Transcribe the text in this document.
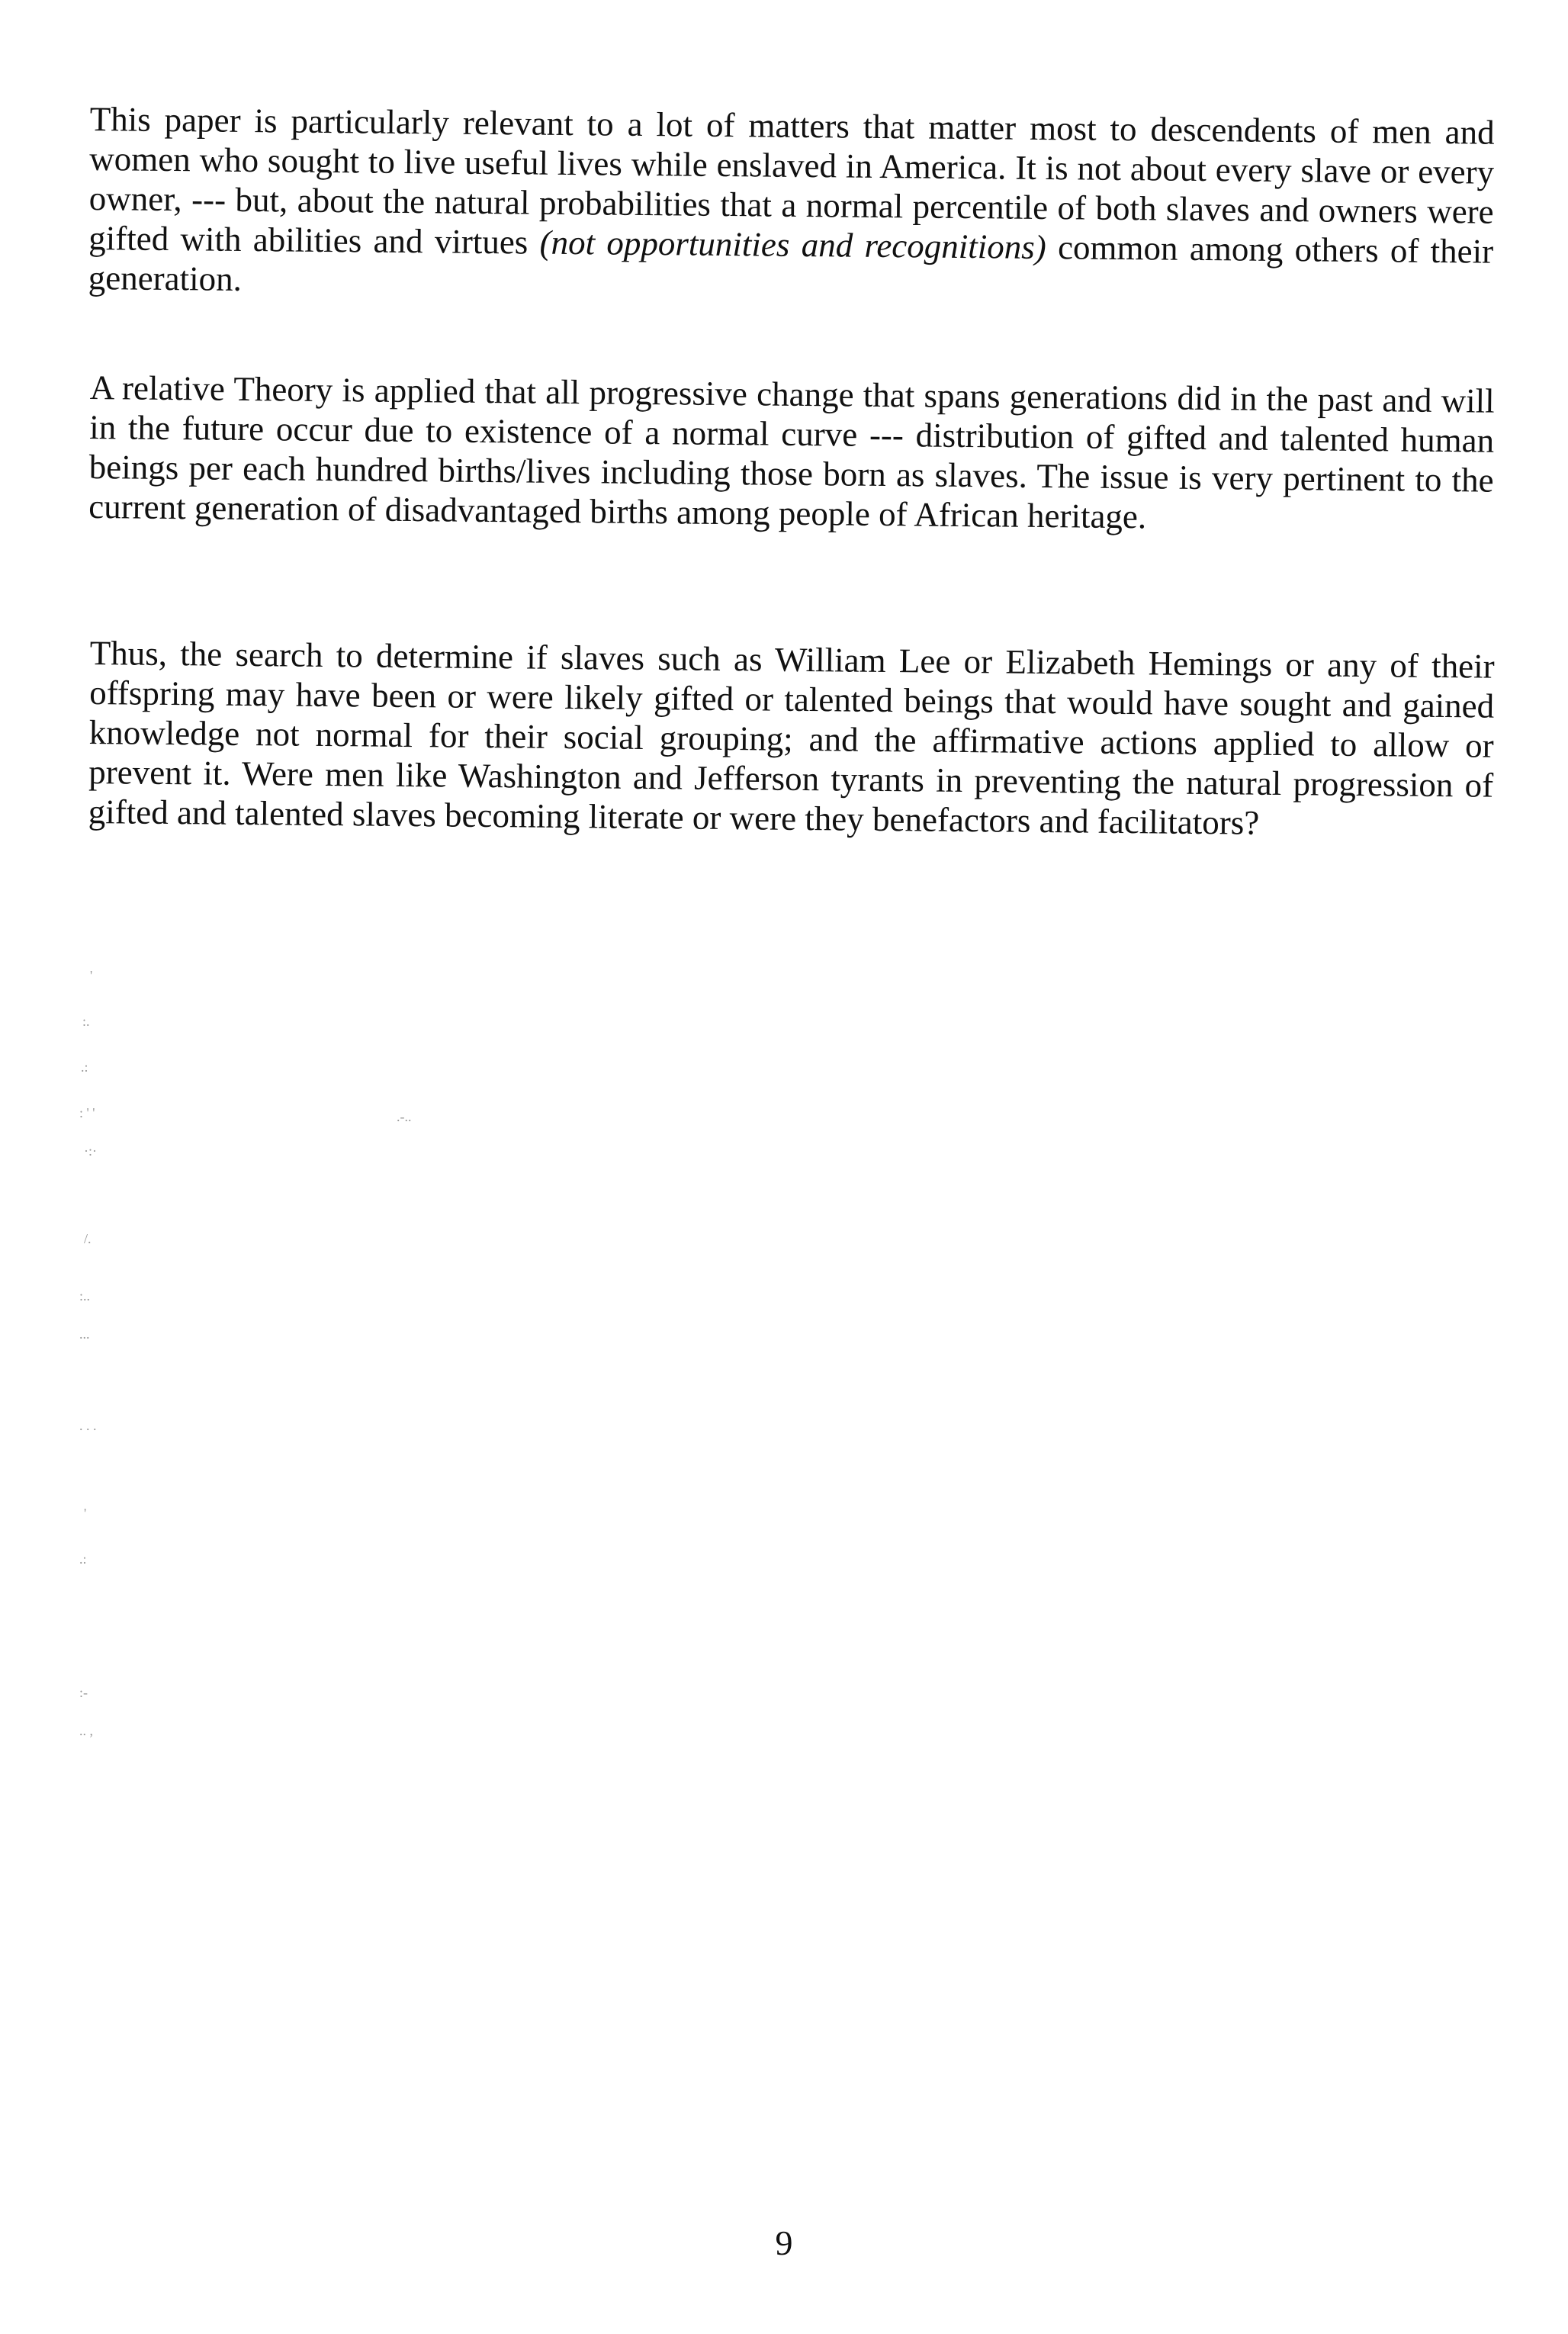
This paper is particularly relevant to a lot of matters that matter most to descendents of men and women who sought to live useful lives while enslaved in America. It is not about every slave or every owner, --- but, about the natural probabilities that a normal percentile of both slaves and owners were gifted with abilities and virtues (not opportunities and recognitions) common among others of their generation.

A relative Theory is applied that all progressive change that spans generations did in the past and will in the future occur due to existence of a normal curve --- distribution of gifted and talented human beings per each hundred births/lives including those born as slaves. The issue is very pertinent to the current generation of disadvantaged births among people of African heritage.

Thus, the search to determine if slaves such as William Lee or Elizabeth Hemings or any of their offspring may have been or were likely gifted or talented beings that would have sought and gained knowledge not normal for their social grouping; and the affirmative actions applied to allow or prevent it. Were men like Washington and Jefferson tyrants in preventing the natural progression of gifted and talented slaves becoming literate or were they benefactors and facilitators?

'
:.
.:
: ' '	.-..
·:·
/.
:..
...
. . .
'
.:
:-
.. ,
9
